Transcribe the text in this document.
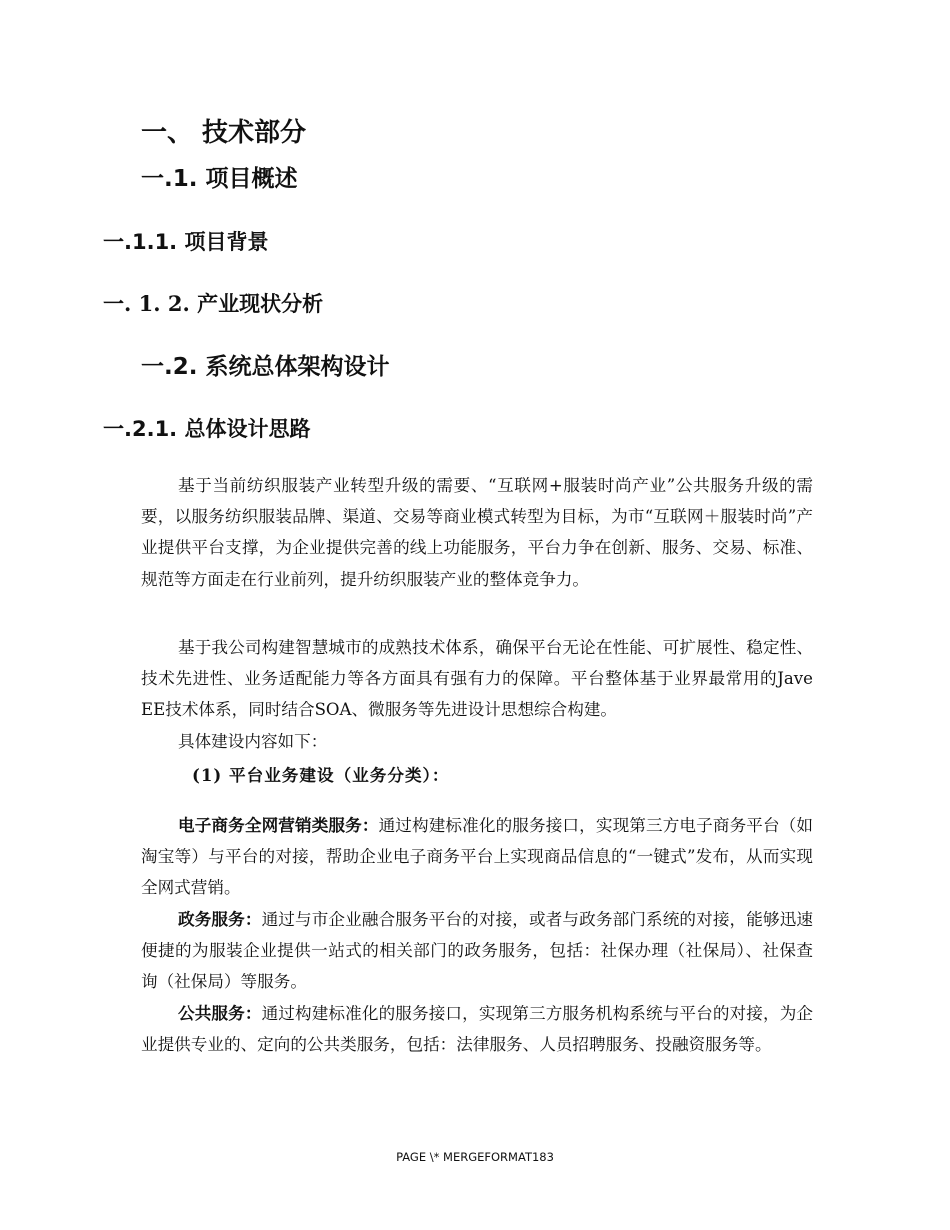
一、 技术部分
一.1. 项目概述
一.1.1. 项目背景
一. 1. 2. 产业现状分析
一.2. 系统总体架构设计
一.2.1. 总体设计思路
基于当前纺织服装产业转型升级的需要、“互联网+服装时尚产业”公共服务升级的需要，以服务纺织服装品牌、渠道、交易等商业模式转型为目标，为市“互联网＋服装时尚”产业提供平台支撑，为企业提供完善的线上功能服务，平台力争在创新、服务、交易、标准、规范等方面走在行业前列，提升纺织服装产业的整体竞争力。
基于我公司构建智慧城市的成熟技术体系，确保平台无论在性能、可扩展性、稳定性、技术先进性、业务适配能力等各方面具有强有力的保障。平台整体基于业界最常用的Jave EE技术体系，同时结合SOA、微服务等先进设计思想综合构建。
具体建设内容如下：
(1) 平台业务建设（业务分类）：
电子商务全网营销类服务：通过构建标准化的服务接口，实现第三方电子商务平台（如淘宝等）与平台的对接，帮助企业电子商务平台上实现商品信息的“一键式”发布，从而实现全网式营销。
政务服务：通过与市企业融合服务平台的对接，或者与政务部门系统的对接，能够迅速便捷的为服装企业提供一站式的相关部门的政务服务，包括：社保办理（社保局）、社保查询（社保局）等服务。
公共服务：通过构建标准化的服务接口，实现第三方服务机构系统与平台的对接，为企业提供专业的、定向的公共类服务，包括：法律服务、人员招聘服务、投融资服务等。
PAGE \* MERGEFORMAT183
